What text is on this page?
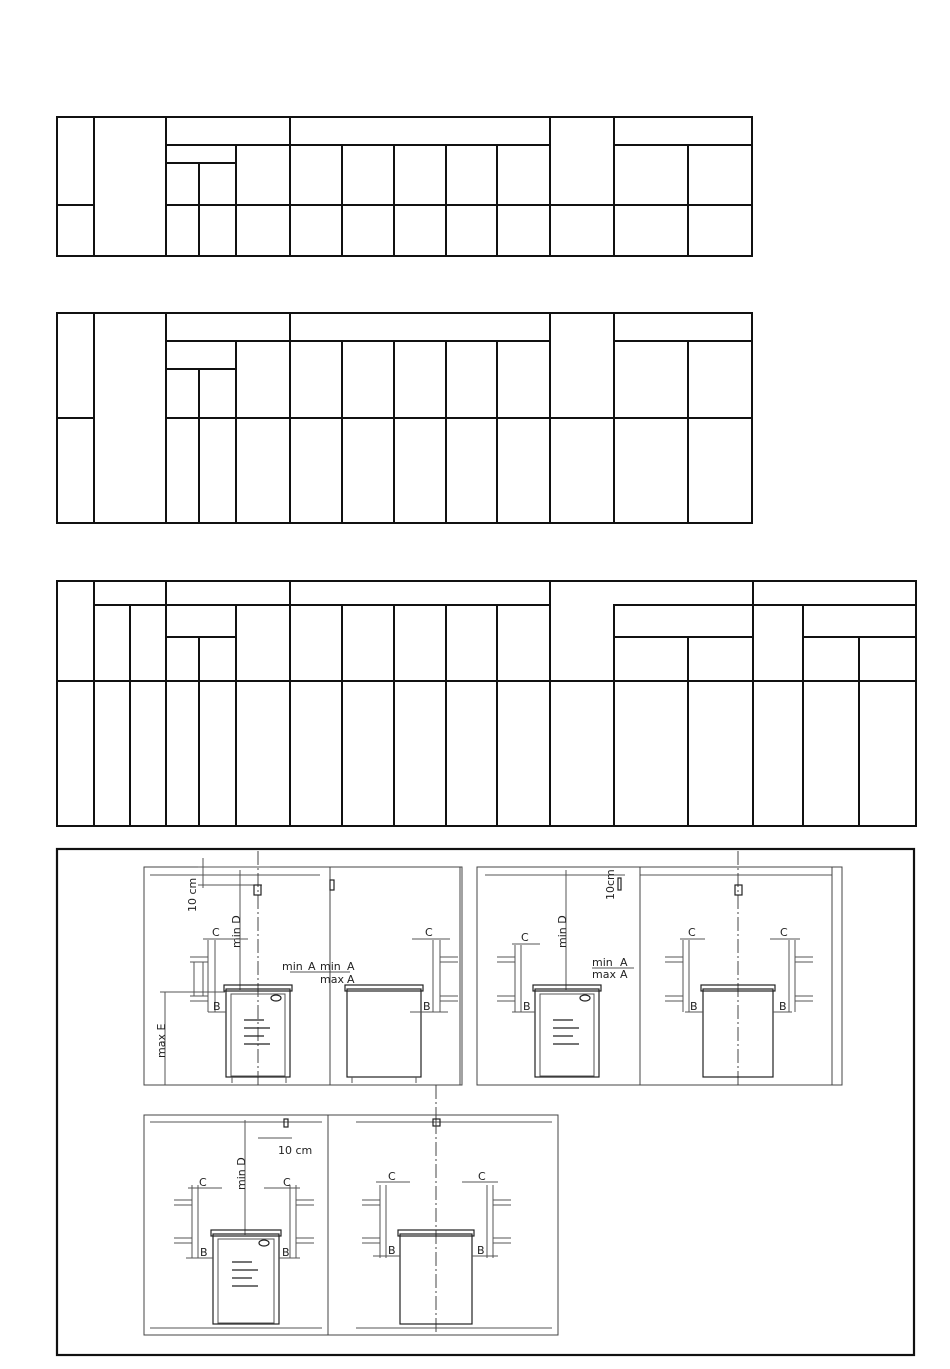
10 cm
min D
C
B
max E
min A min A
max A
C
B
10cm
min D
C
B
min A
max A
C
B
C
B
min D
10 cm
C
B
C
B
C
B
C
B
